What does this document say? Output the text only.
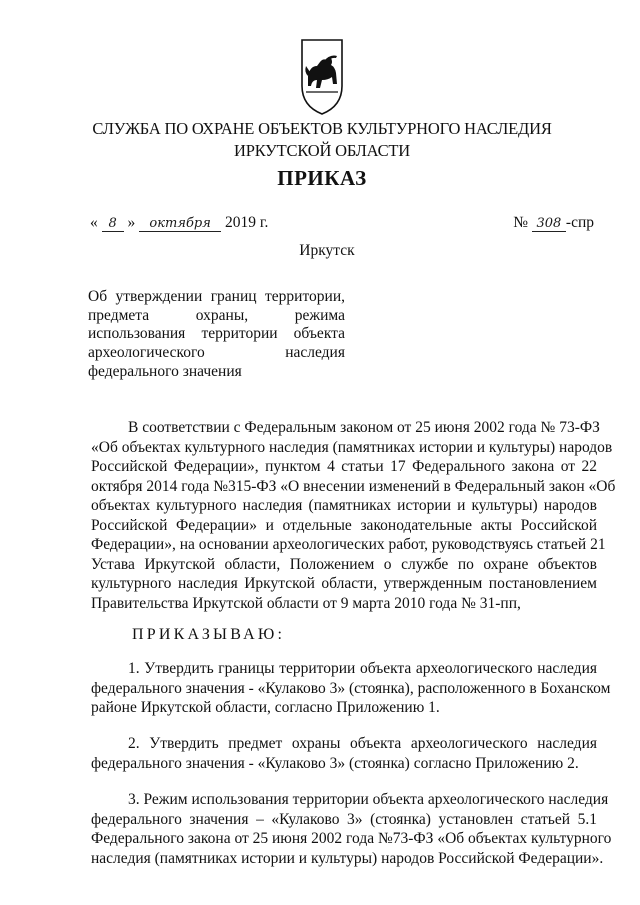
СЛУЖБА ПО ОХРАНЕ ОБЪЕКТОВ КУЛЬТУРНОГО НАСЛЕДИЯ
ИРКУТСКОЙ ОБЛАСТИ
ПРИКАЗ
« 8 » октября 2019 г.	№ 308 -спр
Иркутск
Об утверждении границ территории,
предмета охраны, режима
использования территории объекта
археологического наследия
федерального значения
В соответствии с Федеральным законом от 25 июня 2002 года № 73-ФЗ
«Об объектах культурного наследия (памятниках истории и культуры) народов
Российской Федерации», пунктом 4 статьи 17 Федерального закона от 22
октября 2014 года №315-ФЗ «О внесении изменений в Федеральный закон «Об
объектах культурного наследия (памятниках истории и культуры) народов
Российской Федерации» и отдельные законодательные акты Российской
Федерации», на основании археологических работ, руководствуясь статьей 21
Устава Иркутской области, Положением о службе по охране объектов
культурного наследия Иркутской области, утвержденным постановлением
Правительства Иркутской области от 9 марта 2010 года № 31-пп,
ПРИКАЗЫВАЮ:
1. Утвердить границы территории объекта археологического наследия
федерального значения - «Кулаково 3» (стоянка), расположенного в Боханском
районе Иркутской области, согласно Приложению 1.
2. Утвердить предмет охраны объекта археологического наследия
федерального значения - «Кулаково 3» (стоянка) согласно Приложению 2.
3. Режим использования территории объекта археологического наследия
федерального значения – «Кулаково 3» (стоянка) установлен статьей 5.1
Федерального закона от 25 июня 2002 года №73-ФЗ «Об объектах культурного
наследия (памятниках истории и культуры) народов Российской Федерации».
